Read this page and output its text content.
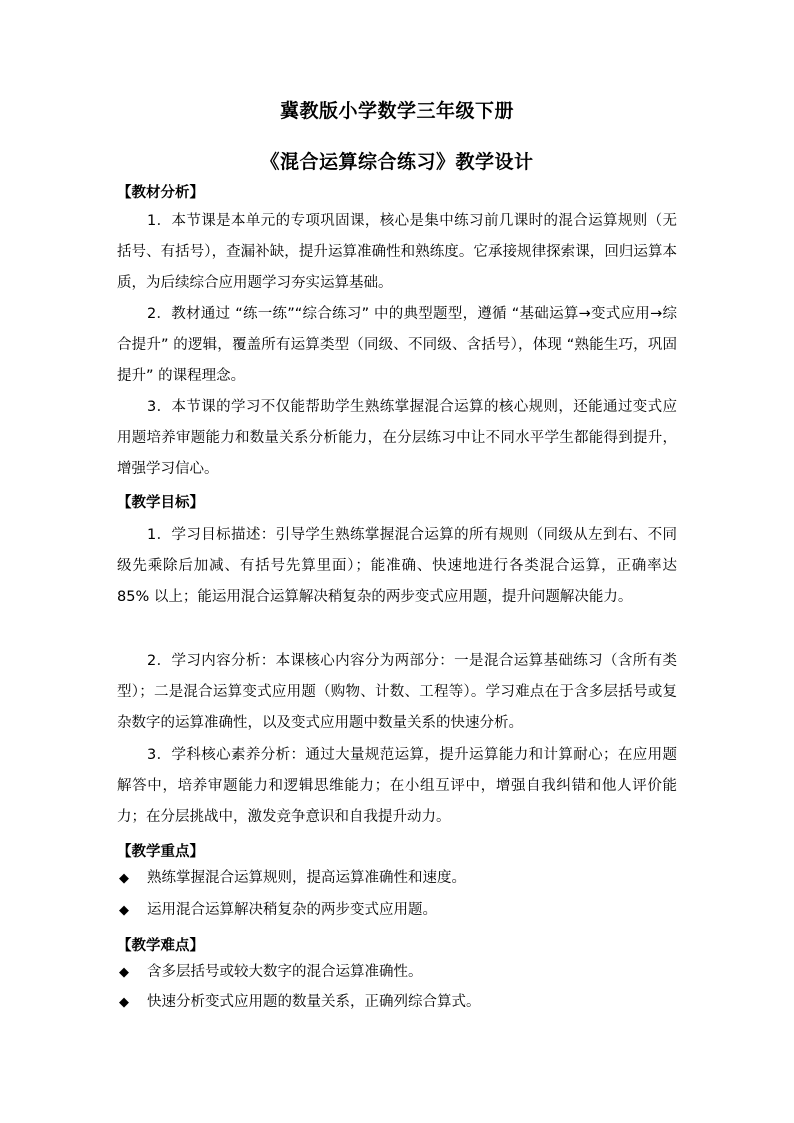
冀教版小学数学三年级下册
《混合运算综合练习》教学设计
【教材分析】

1．本节课是本单元的专项巩固课，核心是集中练习前几课时的混合运算规则（无括号、有括号），查漏补缺，提升运算准确性和熟练度。它承接规律探索课，回归运算本质，为后续综合应用题学习夯实运算基础。

2．教材通过 “练一练”“综合练习” 中的典型题型，遵循 “基础运算→变式应用→综合提升” 的逻辑，覆盖所有运算类型（同级、不同级、含括号），体现 “熟能生巧，巩固提升” 的课程理念。

3．本节课的学习不仅能帮助学生熟练掌握混合运算的核心规则，还能通过变式应用题培养审题能力和数量关系分析能力，在分层练习中让不同水平学生都能得到提升，增强学习信心。

【教学目标】

1．学习目标描述：引导学生熟练掌握混合运算的所有规则（同级从左到右、不同级先乘除后加减、有括号先算里面）；能准确、快速地进行各类混合运算，正确率达 85% 以上；能运用混合运算解决稍复杂的两步变式应用题，提升问题解决能力。

2．学习内容分析：本课核心内容分为两部分：一是混合运算基础练习（含所有类型）；二是混合运算变式应用题（购物、计数、工程等）。学习难点在于含多层括号或复杂数字的运算准确性，以及变式应用题中数量关系的快速分析。

3．学科核心素养分析：通过大量规范运算，提升运算能力和计算耐心；在应用题解答中，培养审题能力和逻辑思维能力；在小组互评中，增强自我纠错和他人评价能力；在分层挑战中，激发竞争意识和自我提升动力。

【教学重点】
◆ 熟练掌握混合运算规则，提高运算准确性和速度。
◆ 运用混合运算解决稍复杂的两步变式应用题。
【教学难点】
◆ 含多层括号或较大数字的混合运算准确性。
◆ 快速分析变式应用题的数量关系，正确列综合算式。
